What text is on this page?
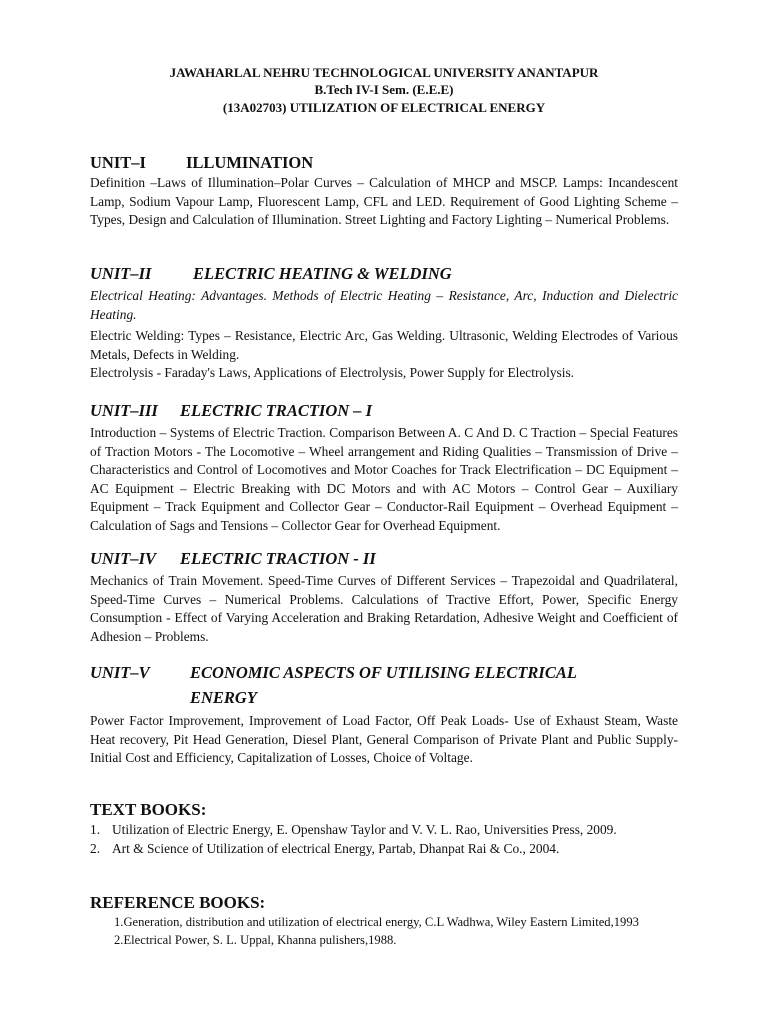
JAWAHARLAL NEHRU TECHNOLOGICAL UNIVERSITY ANANTAPUR
B.Tech IV-I Sem. (E.E.E)
(13A02703) UTILIZATION OF ELECTRICAL ENERGY
UNIT–I ILLUMINATION
Definition –Laws of Illumination–Polar Curves – Calculation of MHCP and MSCP. Lamps: Incandescent Lamp, Sodium Vapour Lamp, Fluorescent Lamp, CFL and LED. Requirement of Good Lighting Scheme – Types, Design and Calculation of Illumination. Street Lighting and Factory Lighting – Numerical Problems.
UNIT–II	ELECTRIC HEATING & WELDING
Electrical Heating: Advantages. Methods of Electric Heating – Resistance, Arc, Induction and Dielectric Heating.
Electric Welding: Types – Resistance, Electric Arc, Gas Welding. Ultrasonic, Welding Electrodes of Various Metals, Defects in Welding.
Electrolysis - Faraday's Laws, Applications of Electrolysis, Power Supply for Electrolysis.
UNIT–III ELECTRIC TRACTION – I
Introduction – Systems of Electric Traction. Comparison Between A. C And D. C Traction – Special Features of Traction Motors - The Locomotive – Wheel arrangement and Riding Qualities – Transmission of Drive – Characteristics and Control of Locomotives and Motor Coaches for Track Electrification – DC Equipment – AC Equipment – Electric Breaking with DC Motors and with AC Motors – Control Gear – Auxiliary Equipment – Track Equipment and Collector Gear – Conductor-Rail Equipment – Overhead Equipment – Calculation of Sags and Tensions – Collector Gear for Overhead Equipment.
UNIT–IV ELECTRIC TRACTION - II
Mechanics of Train Movement. Speed-Time Curves of Different Services – Trapezoidal and Quadrilateral, Speed-Time Curves – Numerical Problems. Calculations of Tractive Effort, Power, Specific Energy Consumption - Effect of Varying Acceleration and Braking Retardation, Adhesive Weight and Coefficient of Adhesion – Problems.
UNIT–V ECONOMIC ASPECTS OF UTILISING ELECTRICAL
ENERGY
Power Factor Improvement, Improvement of Load Factor, Off Peak Loads- Use of Exhaust Steam, Waste Heat recovery, Pit Head Generation, Diesel Plant, General Comparison of Private Plant and Public Supply- Initial Cost and Efficiency, Capitalization of Losses, Choice of Voltage.
TEXT BOOKS:
1. Utilization of Electric Energy, E. Openshaw Taylor and V. V. L. Rao, Universities Press, 2009.
2. Art & Science of Utilization of electrical Energy, Partab, Dhanpat Rai & Co., 2004.
REFERENCE BOOKS:
1.Generation, distribution and utilization of electrical energy, C.L Wadhwa, Wiley Eastern Limited,1993
2.Electrical Power, S. L. Uppal, Khanna pulishers,1988.
